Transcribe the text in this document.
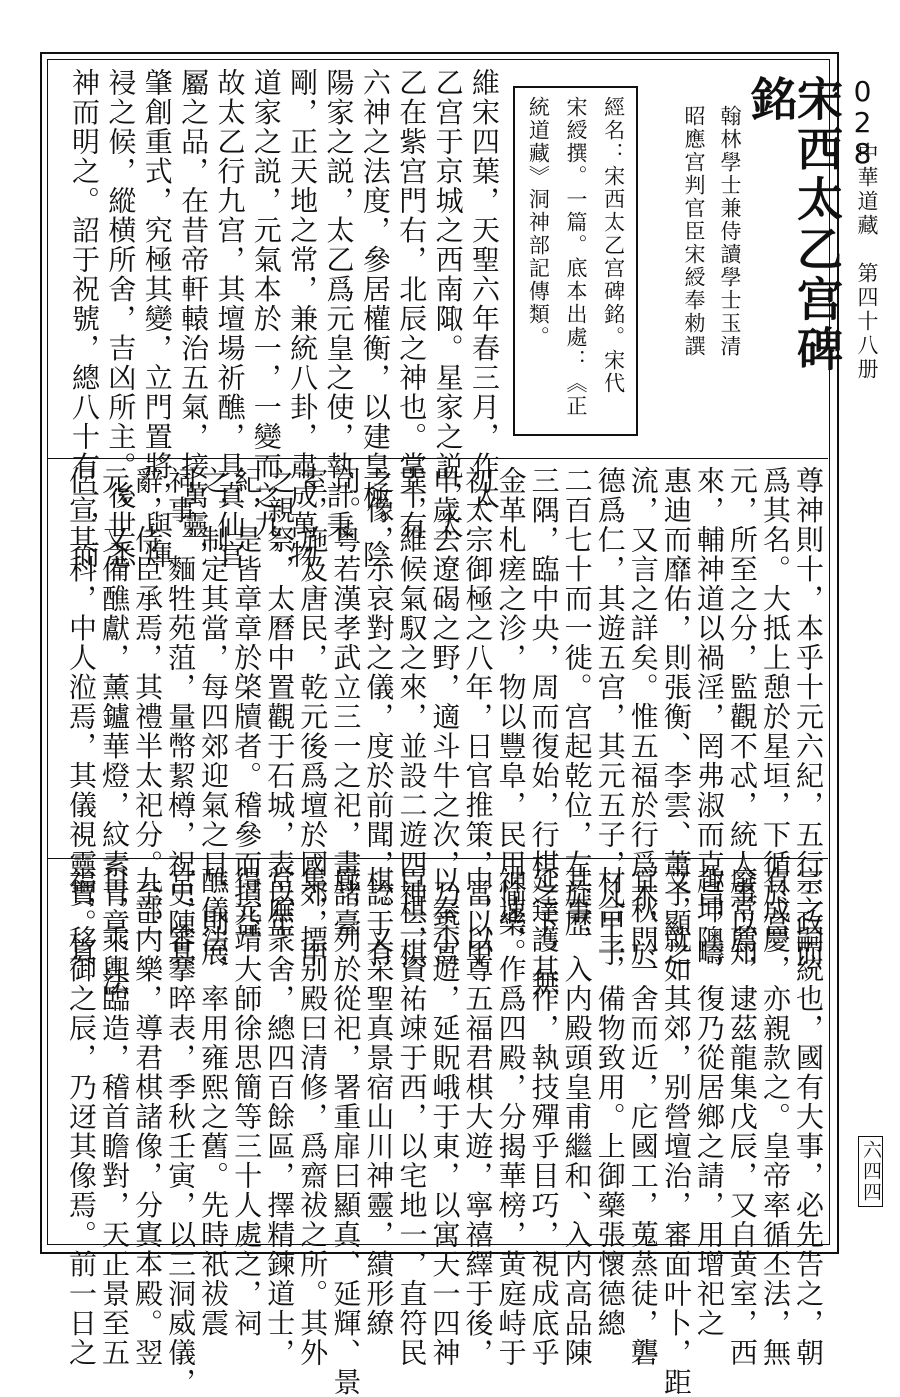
中華道藏　第四十八册
六四四
028
宋西太乙宫碑銘
翰林學士兼侍讀學士玉清
昭應宫判官臣宋綬奉勑譔
經名：宋西太乙宫碑銘。宋代
宋綬撰。一篇。底本出處：《正
統道藏》洞神部記傳類。
維宋四葉，天聖六年春三月，作太
乙宫于京城之西南陬。星家之説，太
乙在紫宫門右，北辰之神也。掌十有
六神之法度，參居權衡，以建皇極。陰
陽家之説，太乙爲元皇之使，執計秉
剛，正天地之常，兼統八卦，肅成萬物。
道家之説，元氣本於一，一變而之九，
故太乙行九宫，其壇場祈醮，具真仙官
屬之品，在昔帝軒轅治五氣，接萬靈，
肇創重式，究極其變，立門置將，與煇
祲之候，縱横所舍，吉凶所主。後世悉
神而明之。詔于祝號，總八十有一，而
尊神則十，本乎十元六紀，五行三政而
爲其名。大抵上憩於星垣，下循於宫
元，所至之分，監觀不忒，統人事以知
來，輔神道以禍淫，罔弗淑而克昌，疇
惠迪而靡佑，則張衡、李雲、蕭子顯之
流，又言之詳矣。惟五福於行爲木，於
德爲仁，其遊五宫，其元五子，凡甲子
二百七十而一徙。宫起乾位，左旋歷
三隅，臨中央，周而復始，行棋之下，無
金革札瘥之沴，物以豐阜，民用愉樂。
初太宗御極之八年，日官推策，當以甲
申歲去遼碣之野，適斗牛之次，乃築宫
巽，維候氣馭之來，並設二遊四神三棋
之像，示哀對之儀，度於前聞，諗于有
司。粤若漢孝武立三一之祀，畫諸臺
室，施及唐民，乾元後爲壇於國郊，申
之親祭，太曆中置觀于石城，表以年
紀，是皆章章於棨牘者。稽參而損益
之，制定其當，每四郊迎氣之日，則展
祠事，麵牲苑菹，量幣絜樽，祝史陳其
辭，侍臣承焉，其禮半太祀分。至三
元，又備醮獻，薰鑪華燈，紋素青章，法
侶宣其科，中人涖焉，其儀視靈寶。真
宗之嗣統也，國有大事，必先告之，朝
有成慶，亦親款之。皇帝率循丕法，無
廢常薦，逮茲龍集戊辰，又自黄室，西
趣坤隩，復乃從居鄉之請，用增祀之
文，就如其郊，别營壇治，審面叶卜，距
宜秋門一舍而近，庀國工，蒐蒸徒，礱
材合土，備物致用。上御藥張懷德總
其事，入内殿頭皇甫繼和、入内高品陳
延達護其作，執技殫乎目巧，視成底乎
神速，作爲四殿，分揭華榜，黄庭峙于
中，以尊五福君棋大遊，寧禧繹于後，
以奉小遊，延貺峨于東，以寓天一四神
臣棋，資祐竦于西，以宅地一，直符民
棋。又采聖真景宿山川神靈，繢形繚
廊，列於從祀，署重扉曰顯真、延輝、景
集，摽别殿曰清修，爲齋祓之所。其外
堂廡衆舍，總四百餘區，擇精鍊道士，
得元靖大師徐思簡等三十人處之，祠
醮儀法，率用雍熙之舊。先時祇祓震
宫，審搴晬表，季秋壬寅，以三洞威儀，
九部内樂，導君棋諸像，分寘本殿。翌
日，乘輿臨造，稽首瞻對，天正景至五
福，移御之辰，乃迓其像焉。前一日之
